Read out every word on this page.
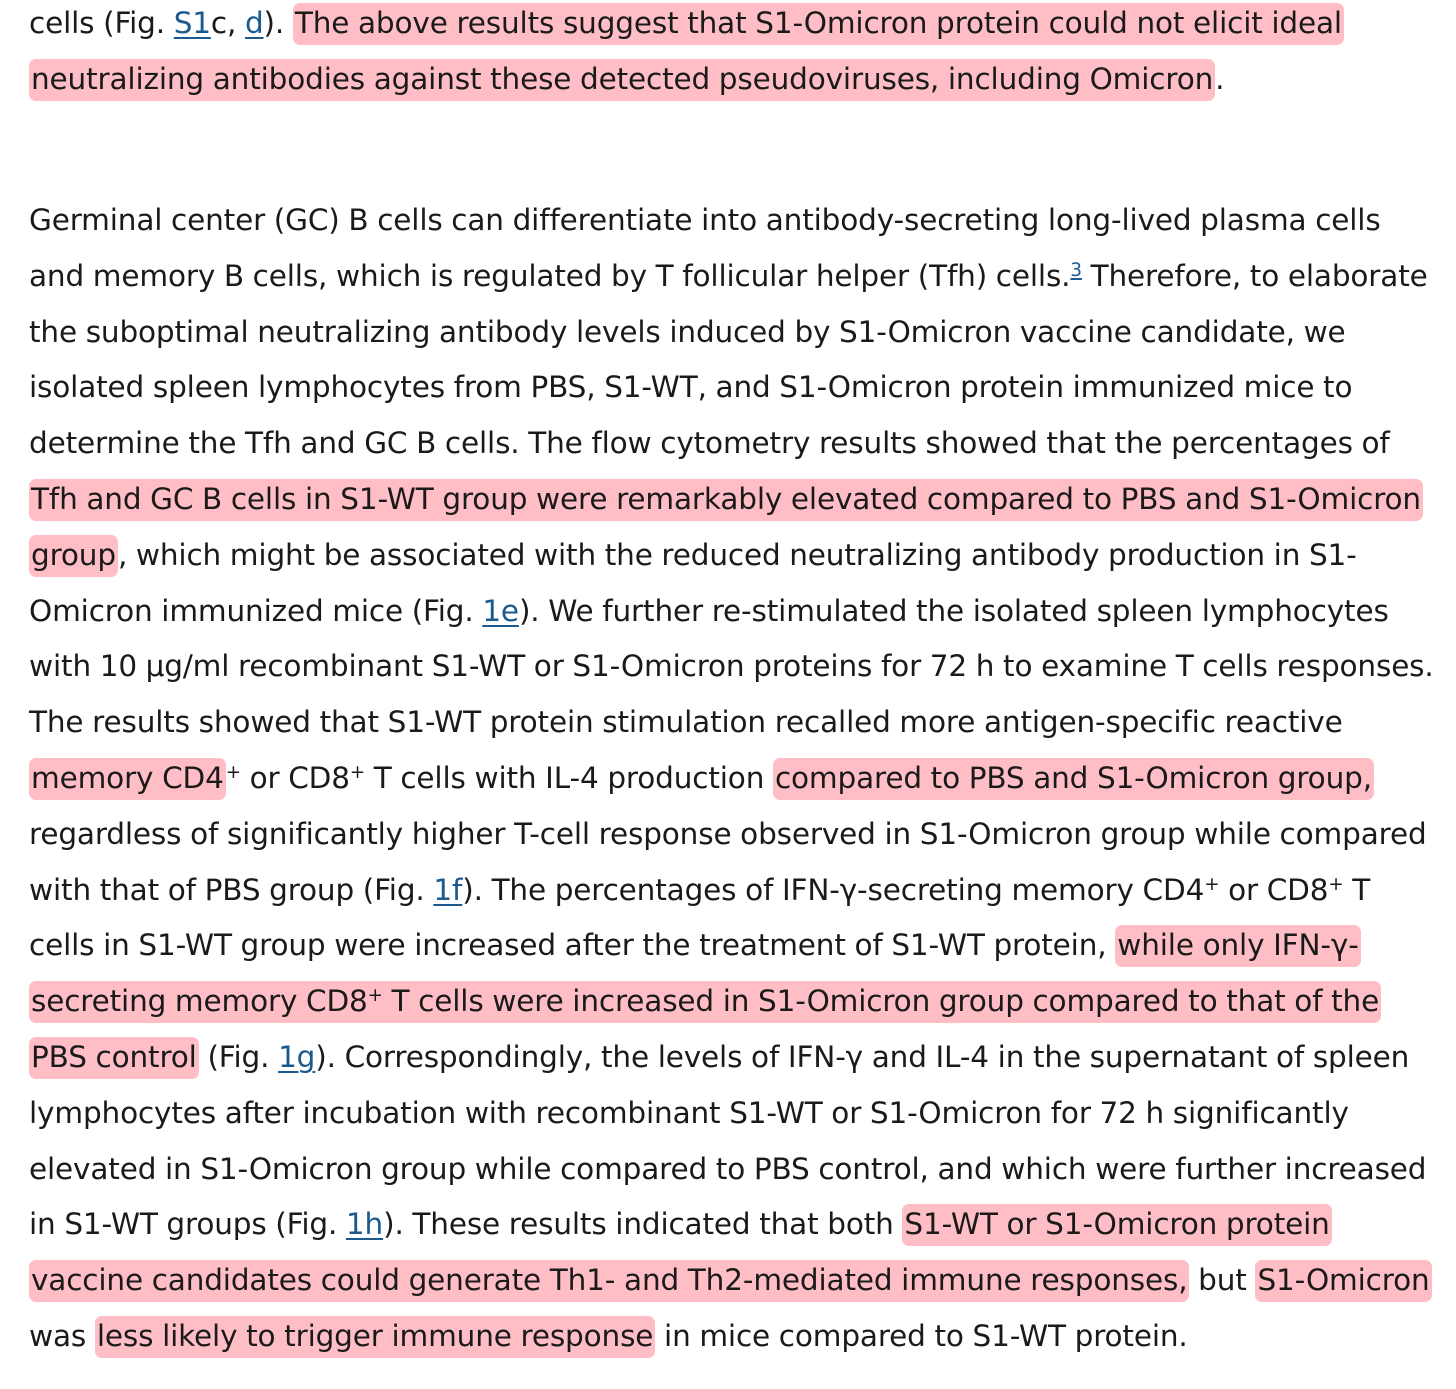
cells (Fig. S1c, d). The above results suggest that S1-Omicron protein could not elicit ideal neutralizing antibodies against these detected pseudoviruses, including Omicron.

Germinal center (GC) B cells can differentiate into antibody-secreting long-lived plasma cells and memory B cells, which is regulated by T follicular helper (Tfh) cells.$^3$ Therefore, to elaborate the suboptimal neutralizing antibody levels induced by S1-Omicron vaccine candidate, we isolated spleen lymphocytes from PBS, S1-WT, and S1-Omicron protein immunized mice to determine the Tfh and GC B cells. The flow cytometry results showed that the percentages of Tfh and GC B cells in S1-WT group were remarkably elevated compared to PBS and S1-Omicron group, which might be associated with the reduced neutralizing antibody production in S1-Omicron immunized mice (Fig. 1e). We further re-stimulated the isolated spleen lymphocytes with 10 μg/ml recombinant S1-WT or S1-Omicron proteins for 72 h to examine T cells responses. The results showed that S1-WT protein stimulation recalled more antigen-specific reactive memory CD4 + or CD8+ T cells with IL-4 production compared to PBS and S1-Omicron group, regardless of significantly higher T-cell response observed in S1-Omicron group while compared with that of PBS group (Fig. 1f). The percentages of IFN-γ-secreting memory CD4+ or CD8+ T cells in S1-WT group were increased after the treatment of S1-WT protein, while only IFN-γ-secreting memory CD8+ T cells were increased in S1-Omicron group compared to that of the PBS control (Fig. 1g). Correspondingly, the levels of IFN-γ and IL-4 in the supernatant of spleen lymphocytes after incubation with recombinant S1-WT or S1-Omicron for 72 h significantly elevated in S1-Omicron group while compared to PBS control, and which were further increased in S1-WT groups (Fig. 1h). These results indicated that both S1-WT or S1-Omicron protein vaccine candidates could generate Th1- and Th2-mediated immune responses, but S1-Omicron was less likely to trigger immune response in mice compared to S1-WT protein.
